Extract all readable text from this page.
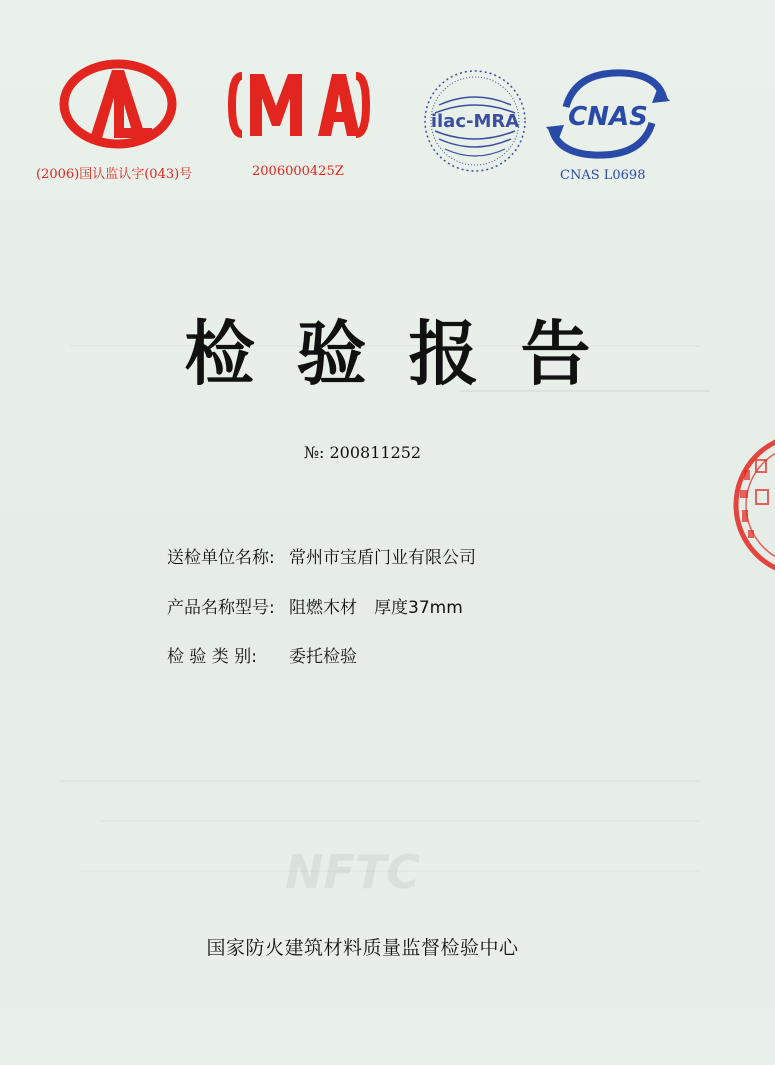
(2006)国认监认字(043)号	2006000425Z
ilac-MRA CNAS
CNAS L0698
检验报告
№: 200811252
送检单位名称: 常州市宝盾门业有限公司
产品名称型号: 阻燃木材　厚度37mm
检 验 类 别: 委托检验
NFTC
国家防火建筑材料质量监督检验中心
